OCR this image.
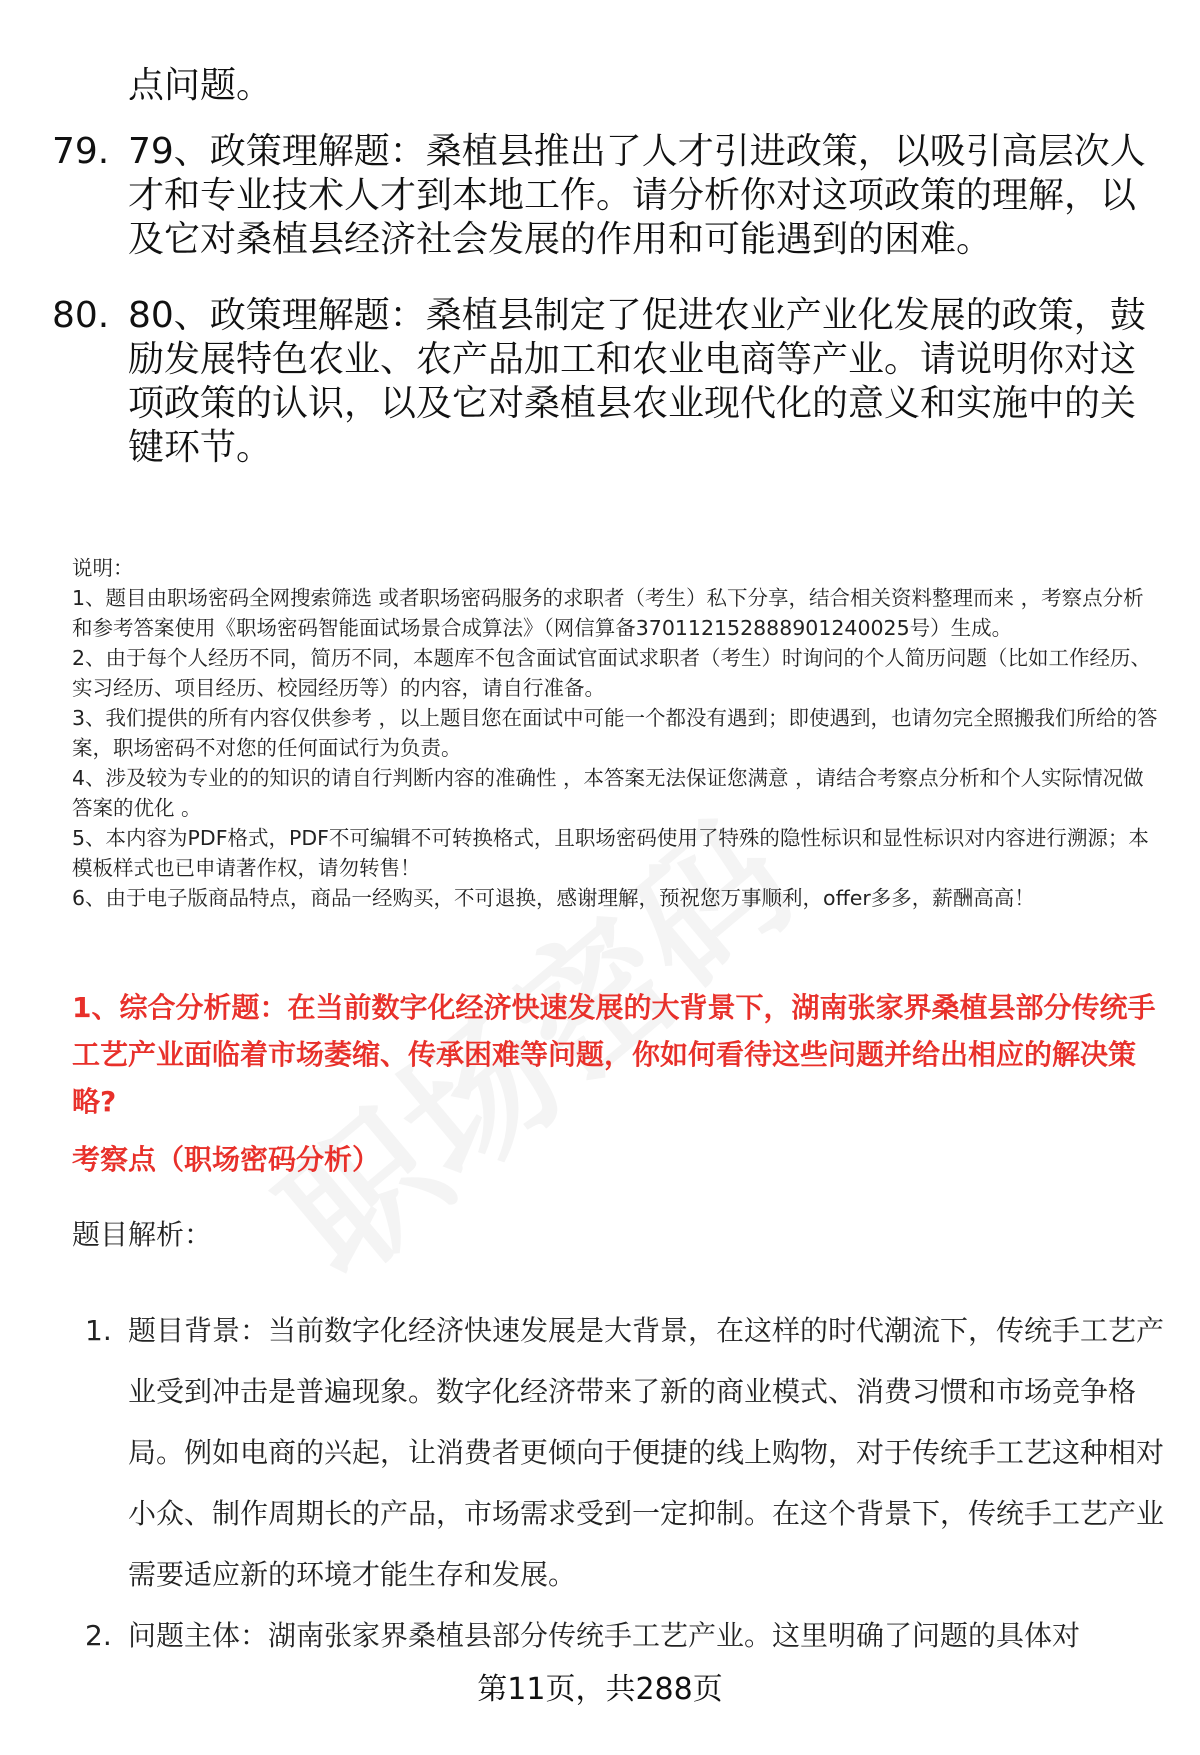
点问题。

79. 79、政策理解题：桑植县推出了人才引进政策，以吸引高层次人才和专业技术人才到本地工作。请分析你对这项政策的理解，以及它对桑植县经济社会发展的作用和可能遇到的困难。
80. 80、政策理解题：桑植县制定了促进农业产业化发展的政策，鼓励发展特色农业、农产品加工和农业电商等产业。请说明你对这项政策的认识，以及它对桑植县农业现代化的意义和实施中的关键环节。

说明：

1、题目由职场密码全网搜索筛选 或者职场密码服务的求职者（考生）私下分享，结合相关资料整理而来 ，考察点分析和参考答案使用《职场密码智能面试场景合成算法》（网信算备370112152888901240025号）生成。

2、由于每个人经历不同，简历不同，本题库不包含面试官面试求职者（考生）时询问的个人简历问题（比如工作经历、实习经历、项目经历、校园经历等）的内容，请自行准备。

3、我们提供的所有内容仅供参考 ，以上题目您在面试中可能一个都没有遇到；即使遇到，也请勿完全照搬我们所给的答案，职场密码不对您的任何面试行为负责。

4、涉及较为专业的的知识的请自行判断内容的准确性 ，本答案无法保证您满意 ，请结合考察点分析和个人实际情况做答案的优化 。

5、本内容为PDF格式，PDF不可编辑不可转换格式，且职场密码使用了特殊的隐性标识和显性标识对内容进行溯源；本模板样式也已申请著作权，请勿转售！

6、由于电子版商品特点，商品一经购买，不可退换，感谢理解，预祝您万事顺利，offer多多，薪酬高高！

1、综合分析题：在当前数字化经济快速发展的大背景下，湖南张家界桑植县部分传统手工艺产业面临着市场萎缩、传承困难等问题，你如何看待这些问题并给出相应的解决策略?
考察点（职场密码分析）
题目解析：
1. 题目背景：当前数字化经济快速发展是大背景，在这样的时代潮流下，传统手工艺产业受到冲击是普遍现象。数字化经济带来了新的商业模式、消费习惯和市场竞争格局。例如电商的兴起，让消费者更倾向于便捷的线上购物，对于传统手工艺这种相对小众、制作周期长的产品，市场需求受到一定抑制。在这个背景下，传统手工艺产业需要适应新的环境才能生存和发展。
2. 问题主体：湖南张家界桑植县部分传统手工艺产业。这里明确了问题的具体对
第11页，共288页
